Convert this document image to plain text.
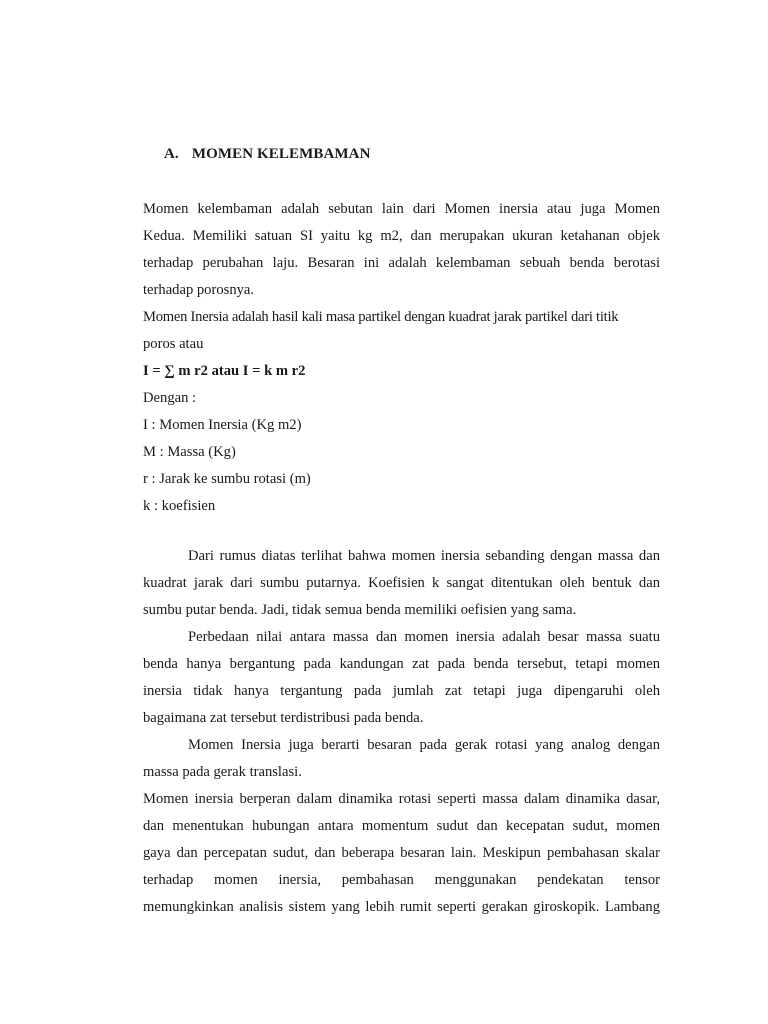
A. MOMEN KELEMBAMAN
Momen kelembaman adalah sebutan lain dari Momen inersia atau juga Momen
Kedua. Memiliki satuan SI yaitu kg m2, dan merupakan ukuran ketahanan objek
terhadap perubahan laju. Besaran ini adalah kelembaman sebuah benda berotasi
terhadap porosnya.
Momen Inersia adalah hasil kali masa partikel dengan kuadrat jarak partikel dari titik
poros atau
I = ∑ m r2 atau I = k m r2
Dengan :
I : Momen Inersia (Kg m2)
M : Massa (Kg)
r : Jarak ke sumbu rotasi (m)
k : koefisien
Dari rumus diatas terlihat bahwa momen inersia sebanding dengan massa dan
kuadrat jarak dari sumbu putarnya. Koefisien k sangat ditentukan oleh bentuk dan
sumbu putar benda. Jadi, tidak semua benda memiliki oefisien yang sama.
Perbedaan nilai antara massa dan momen inersia adalah besar massa suatu
benda hanya bergantung pada kandungan zat pada benda tersebut, tetapi momen
inersia tidak hanya tergantung pada jumlah zat tetapi juga dipengaruhi oleh
bagaimana zat tersebut terdistribusi pada benda.
Momen Inersia juga berarti besaran pada gerak rotasi yang analog dengan
massa pada gerak translasi.
Momen inersia berperan dalam dinamika rotasi seperti massa dalam dinamika dasar,
dan menentukan hubungan antara momentum sudut dan kecepatan sudut, momen
gaya dan percepatan sudut, dan beberapa besaran lain. Meskipun pembahasan skalar
terhadap momen inersia, pembahasan menggunakan pendekatan tensor
memungkinkan analisis sistem yang lebih rumit seperti gerakan giroskopik. Lambang
